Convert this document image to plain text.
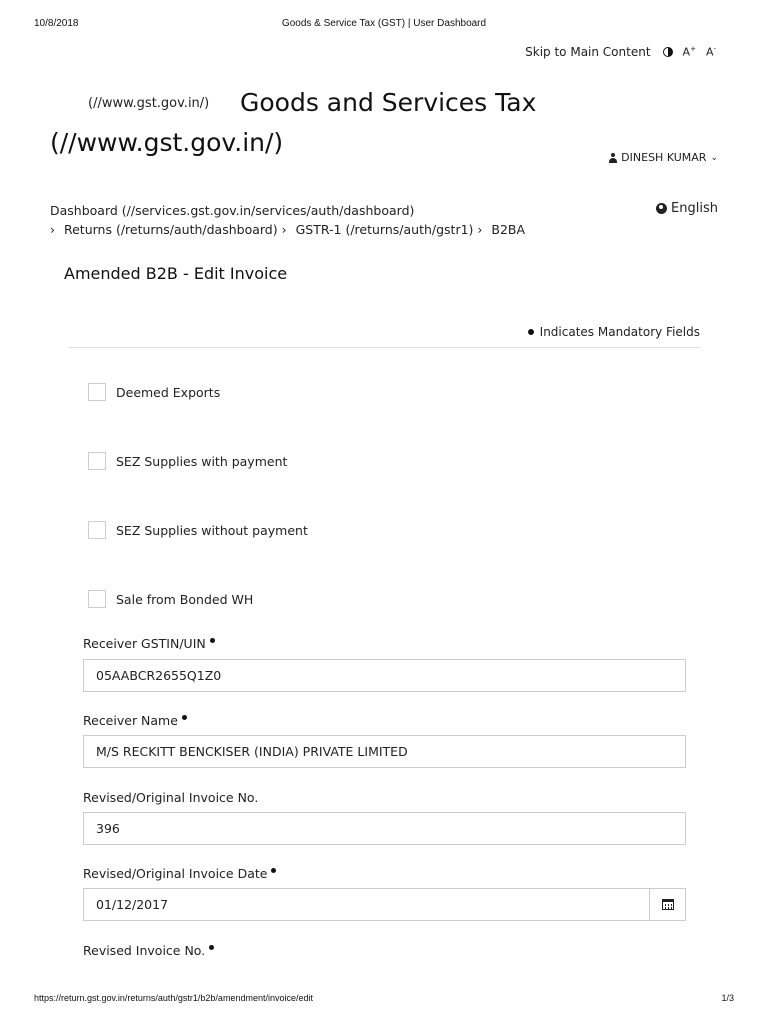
10/8/2018	Goods & Service Tax (GST) | User Dashboard
Skip to Main Content	A+ A-
(//www.gst.gov.in/) Goods and Services Tax
(//www.gst.gov.in/)
DINESH KUMAR ⌄
Dashboard (//services.gst.gov.in/services/auth/dashboard)
› Returns (/returns/auth/dashboard) › GSTR-1 (/returns/auth/gstr1) › B2BA
English
Amended B2B - Edit Invoice
Indicates Mandatory Fields
Deemed Exports
SEZ Supplies with payment
SEZ Supplies without payment
Sale from Bonded WH
Receiver GSTIN/UIN
05AABCR2655Q1Z0
Receiver Name
M/S RECKITT BENCKISER (INDIA) PRIVATE LIMITED
Revised/Original Invoice No.
396
Revised/Original Invoice Date
01/12/2017
Revised Invoice No.
https://return.gst.gov.in/returns/auth/gstr1/b2b/amendment/invoice/edit	1/3
